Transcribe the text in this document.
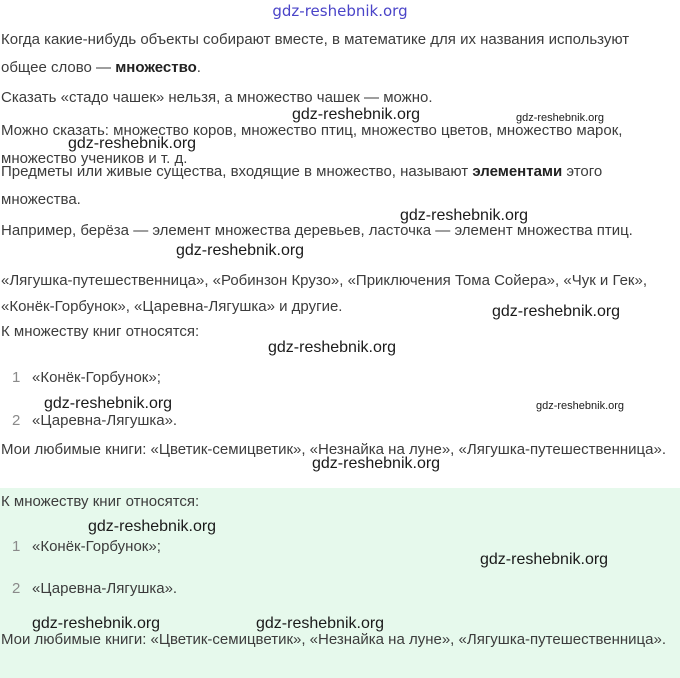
gdz-reshebnik.org

Когда какие-нибудь объекты собирают вместе, в математике для их названия используют общее слово — множество.

Сказать «стадо чашек» нельзя, а множество чашек — можно.

Можно сказать: множество коров, множество птиц, множество цветов, множество марок, множество учеников и т. д.

Предметы или живые существа, входящие в множество, называют элементами этого множества.

Например, берёза — элемент множества деревьев, ласточка — элемент множества птиц.

«Лягушка-путешественница», «Робинзон Крузо», «Приключения Тома Сойера», «Чук и Гек», «Конёк-Горбунок», «Царевна-Лягушка» и другие.

К множеству книг относятся:

1 «Конёк-Горбунок»;
2 «Царевна-Лягушка».

Мои любимые книги: «Цветик-семицветик», «Незнайка на луне», «Лягушка-путешественница».

К множеству книг относятся:

1 «Конёк-Горбунок»;
2 «Царевна-Лягушка».

Мои любимые книги: «Цветик-семицветик», «Незнайка на луне», «Лягушка-путешественница».

gdz-reshebnik.org	gdz-reshebnik.org
gdz-reshebnik.org
gdz-reshebnik.org
gdz-reshebnik.org
gdz-reshebnik.org
gdz-reshebnik.org
gdz-reshebnik.org	gdz-reshebnik.org
gdz-reshebnik.org
gdz-reshebnik.org
gdz-reshebnik.org
gdz-reshebnik.org	gdz-reshebnik.org
